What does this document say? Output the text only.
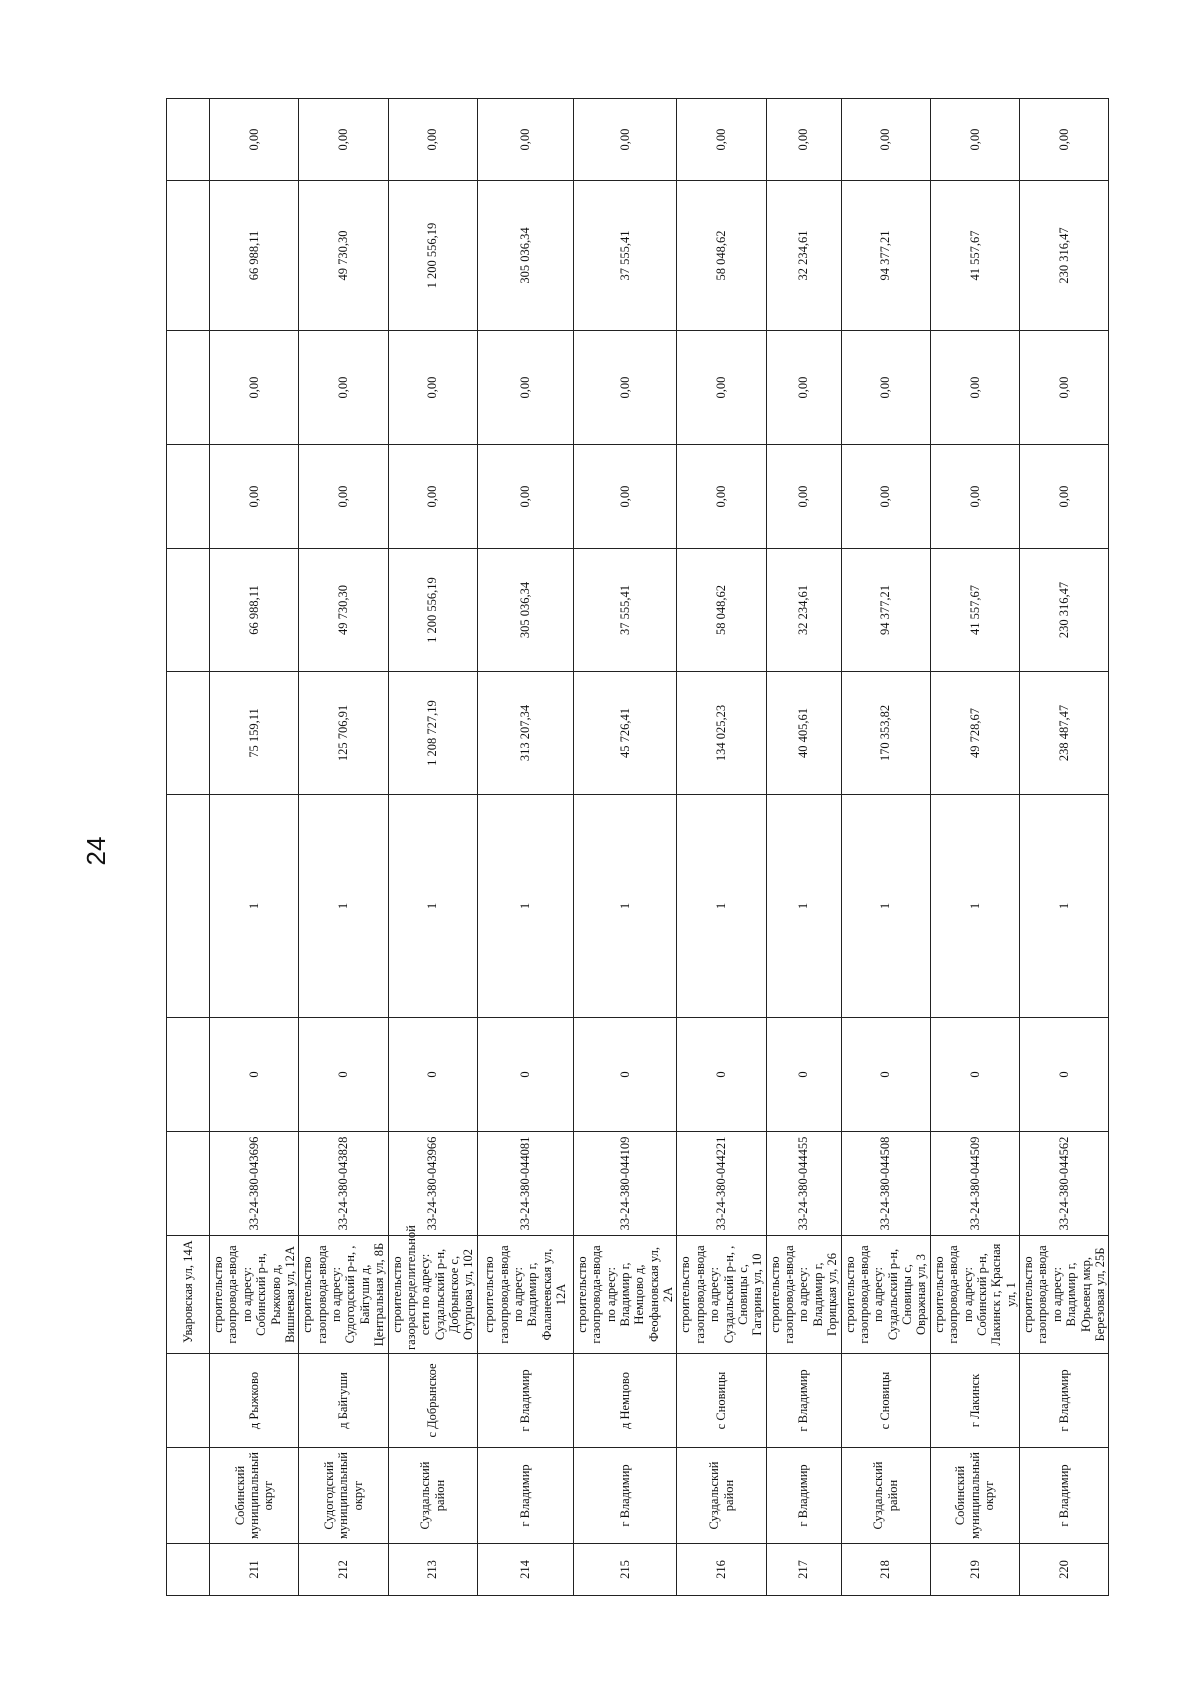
24
			Уваровская ул, 14А									
211	Собинский муниципальный округ	д Рыжково	строительство газопровода-ввода по адресу: Собинский р-н, Рыжково д, Вишневая ул, 12А	33-24-380-043696	0	1	75 159,11	66 988,11	0,00	0,00	66 988,11	0,00
212	Судогодский муниципальный округ	д Байгуши	строительство газопровода-ввода по адресу: Судогодский р-н, , Байгуши д, Центральная ул, 8Б	33-24-380-043828	0	1	125 706,91	49 730,30	0,00	0,00	49 730,30	0,00
213	Суздальский район	с Добрынское	строительство газораспределительной сети по адресу: Суздальский р-н, Добрынское с, Огурцова ул, 102	33-24-380-043966	0	1	1 208 727,19	1 200 556,19	0,00	0,00	1 200 556,19	0,00
214	г Владимир	г Владимир	строительство газопровода-ввода по адресу: Владимир г, Фаланеевская ул, 12А	33-24-380-044081	0	1	313 207,34	305 036,34	0,00	0,00	305 036,34	0,00
215	г Владимир	д Немцово	строительство газопровода-ввода по адресу: Владимир г, Немцово д, Феофановская ул, 2А	33-24-380-044109	0	1	45 726,41	37 555,41	0,00	0,00	37 555,41	0,00
216	Суздальский район	с Сновицы	строительство газопровода-ввода по адресу: Суздальский р-н, , Сновицы с, Гагарина ул, 10	33-24-380-044221	0	1	134 025,23	58 048,62	0,00	0,00	58 048,62	0,00
217	г Владимир	г Владимир	строительство газопровода-ввода по адресу: Владимир г, Горицкая ул, 26	33-24-380-044455	0	1	40 405,61	32 234,61	0,00	0,00	32 234,61	0,00
218	Суздальский район	с Сновицы	строительство газопровода-ввода по адресу: Суздальский р-н, Сновицы с, Овражная ул, 3	33-24-380-044508	0	1	170 353,82	94 377,21	0,00	0,00	94 377,21	0,00
219	Собинский муниципальный округ	г Лакинск	строительство газопровода-ввода по адресу: Собинский р-н, Лакинск г, Красная ул, 1	33-24-380-044509	0	1	49 728,67	41 557,67	0,00	0,00	41 557,67	0,00
220	г Владимир	г Владимир	строительство газопровода-ввода по адресу: Владимир г, Юрьевец мкр, Березовая ул, 25Б	33-24-380-044562	0	1	238 487,47	230 316,47	0,00	0,00	230 316,47	0,00
